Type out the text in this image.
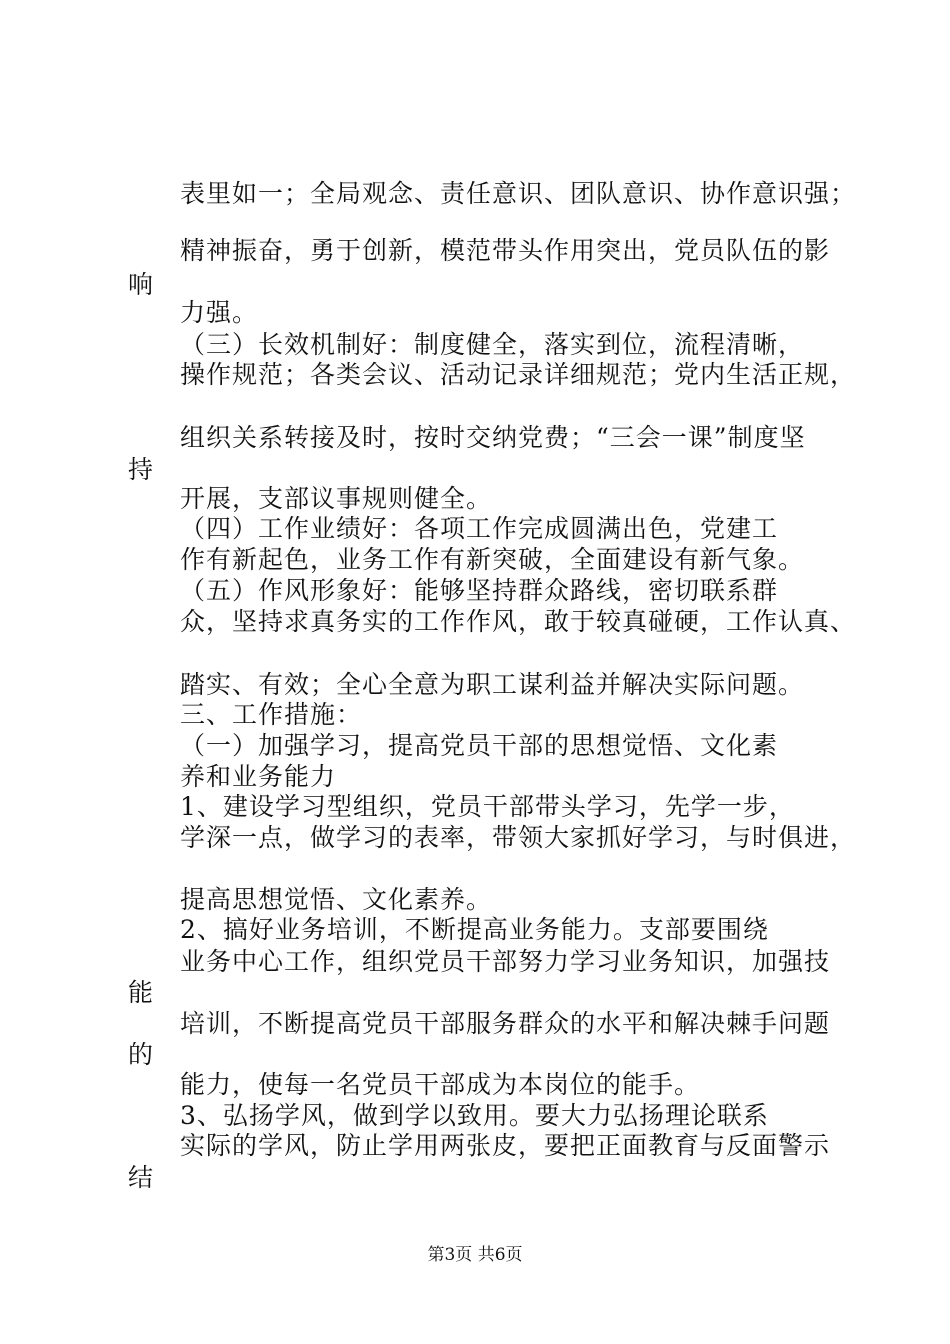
表里如一；全局观念、责任意识、团队意识、协作意识强；
精神振奋，勇于创新，模范带头作用突出，党员队伍的影
响
力强。
（三）长效机制好：制度健全，落实到位，流程清晰，
操作规范；各类会议、活动记录详细规范；党内生活正规，
组织关系转接及时，按时交纳党费；“三会一课”制度坚
持
开展，支部议事规则健全。
（四）工作业绩好：各项工作完成圆满出色，党建工
作有新起色，业务工作有新突破，全面建设有新气象。
（五）作风形象好：能够坚持群众路线，密切联系群
众，坚持求真务实的工作作风，敢于较真碰硬，工作认真、
踏实、有效；全心全意为职工谋利益并解决实际问题。
三、工作措施：
（一）加强学习，提高党员干部的思想觉悟、文化素
养和业务能力
1、建设学习型组织，党员干部带头学习，先学一步，
学深一点，做学习的表率，带领大家抓好学习，与时俱进，
提高思想觉悟、文化素养。
2、搞好业务培训，不断提高业务能力。支部要围绕
业务中心工作，组织党员干部努力学习业务知识，加强技
能
培训，不断提高党员干部服务群众的水平和解决棘手问题
的
能力，使每一名党员干部成为本岗位的能手。
3、弘扬学风，做到学以致用。要大力弘扬理论联系
实际的学风，防止学用两张皮，要把正面教育与反面警示
结
第3页 共6页
